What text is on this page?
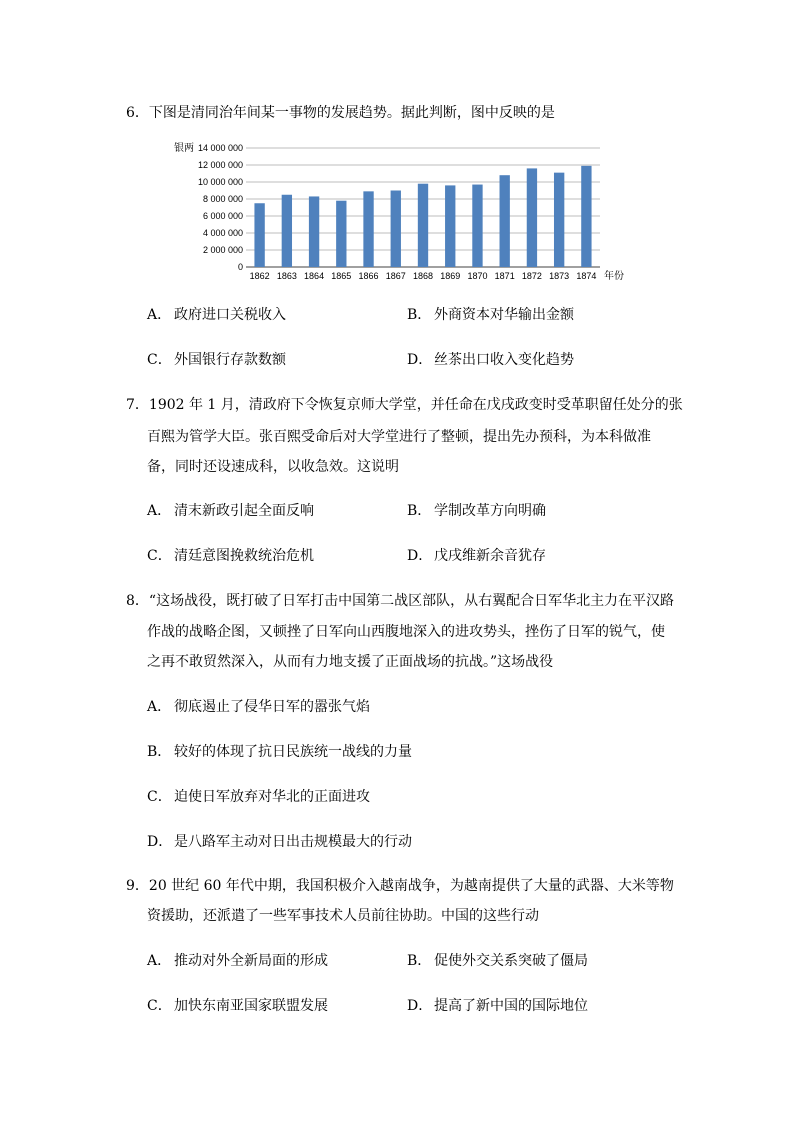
6．下图是清同治年间某一事物的发展趋势。据此判断，图中反映的是
0
2 000 000
4 000 000
6 000 000
8 000 000
10 000 000
12 000 000
14 000 000
1862 1863 1864 1865 1866 1867 1868 1869 1870 1871 1872 1873 1874
银两
年份
A． 政府进口关税收入	B． 外商资本对华输出金额
C． 外国银行存款数额	D． 丝茶出口收入变化趋势
7．1902 年 1 月，清政府下令恢复京师大学堂，并任命在戊戌政变时受革职留任处分的张
百熙为管学大臣。张百熙受命后对大学堂进行了整顿，提出先办预科，为本科做准
备，同时还设速成科，以收急效。这说明
A． 清末新政引起全面反响	B． 学制改革方向明确
C． 清廷意图挽救统治危机	D． 戊戌维新余音犹存
8．“这场战役，既打破了日军打击中国第二战区部队，从右翼配合日军华北主力在平汉路
作战的战略企图，又顿挫了日军向山西腹地深入的进攻势头，挫伤了日军的锐气，使
之再不敢贸然深入，从而有力地支援了正面战场的抗战。”这场战役
A． 彻底遏止了侵华日军的嚣张气焰
B． 较好的体现了抗日民族统一战线的力量
C． 迫使日军放弃对华北的正面进攻
D． 是八路军主动对日出击规模最大的行动
9．20 世纪 60 年代中期，我国积极介入越南战争，为越南提供了大量的武器、大米等物
资援助，还派遣了一些军事技术人员前往协助。中国的这些行动
A． 推动对外全新局面的形成	B． 促使外交关系突破了僵局
C． 加快东南亚国家联盟发展	D． 提高了新中国的国际地位
